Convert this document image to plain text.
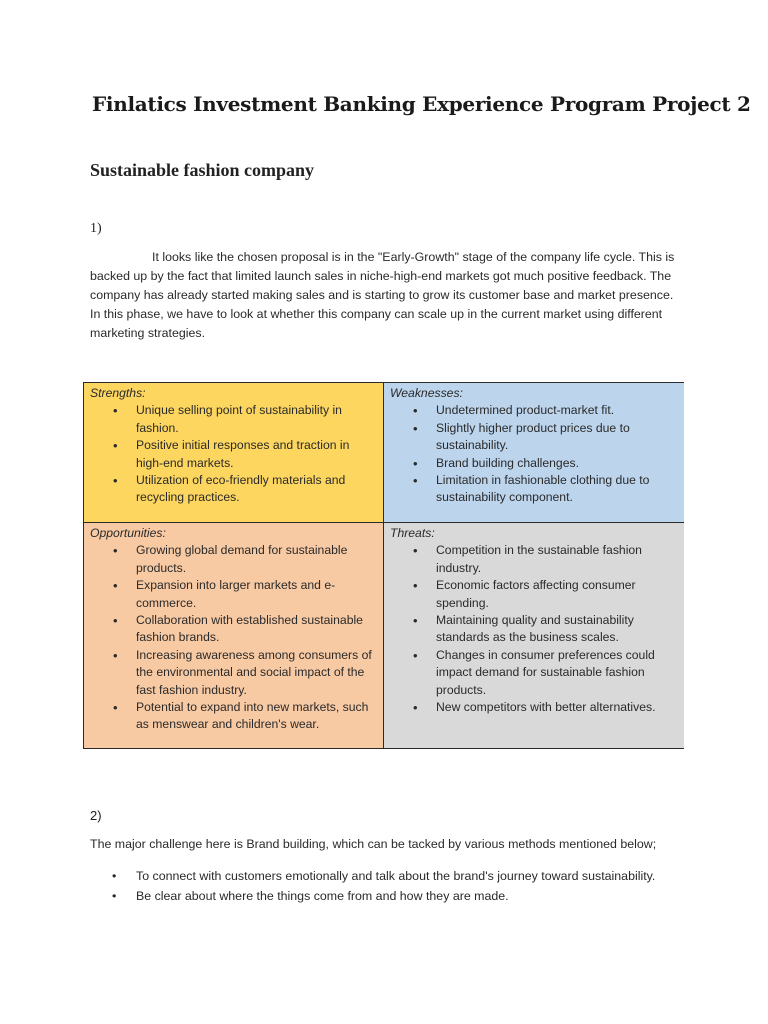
Finlatics Investment Banking Experience Program Project 2
Sustainable fashion company

1)

It looks like the chosen proposal is in the "Early-Growth" stage of the company life cycle. This is backed up by the fact that limited launch sales in niche-high-end markets got much positive feedback. The company has already started making sales and is starting to grow its customer base and market presence. In this phase, we have to look at whether this company can scale up in the current market using different marketing strategies.

Strengths:

• Unique selling point of sustainability in fashion.
• Positive initial responses and traction in high-end markets.
• Utilization of eco-friendly materials and recycling practices.

Weaknesses:

• Undetermined product-market fit.
• Slightly higher product prices due to sustainability.
• Brand building challenges.
• Limitation in fashionable clothing due to sustainability component.

Opportunities:

• Growing global demand for sustainable products.
• Expansion into larger markets and e-commerce.
• Collaboration with established sustainable fashion brands.
• Increasing awareness among consumers of the environmental and social impact of the fast fashion industry.
• Potential to expand into new markets, such as menswear and children's wear.

Threats:

• Competition in the sustainable fashion industry.
• Economic factors affecting consumer spending.
• Maintaining quality and sustainability standards as the business scales.
• Changes in consumer preferences could impact demand for sustainable fashion products.
• New competitors with better alternatives.

2)

The major challenge here is Brand building, which can be tacked by various methods mentioned below;

• To connect with customers emotionally and talk about the brand's journey toward sustainability.
• Be clear about where the things come from and how they are made.
